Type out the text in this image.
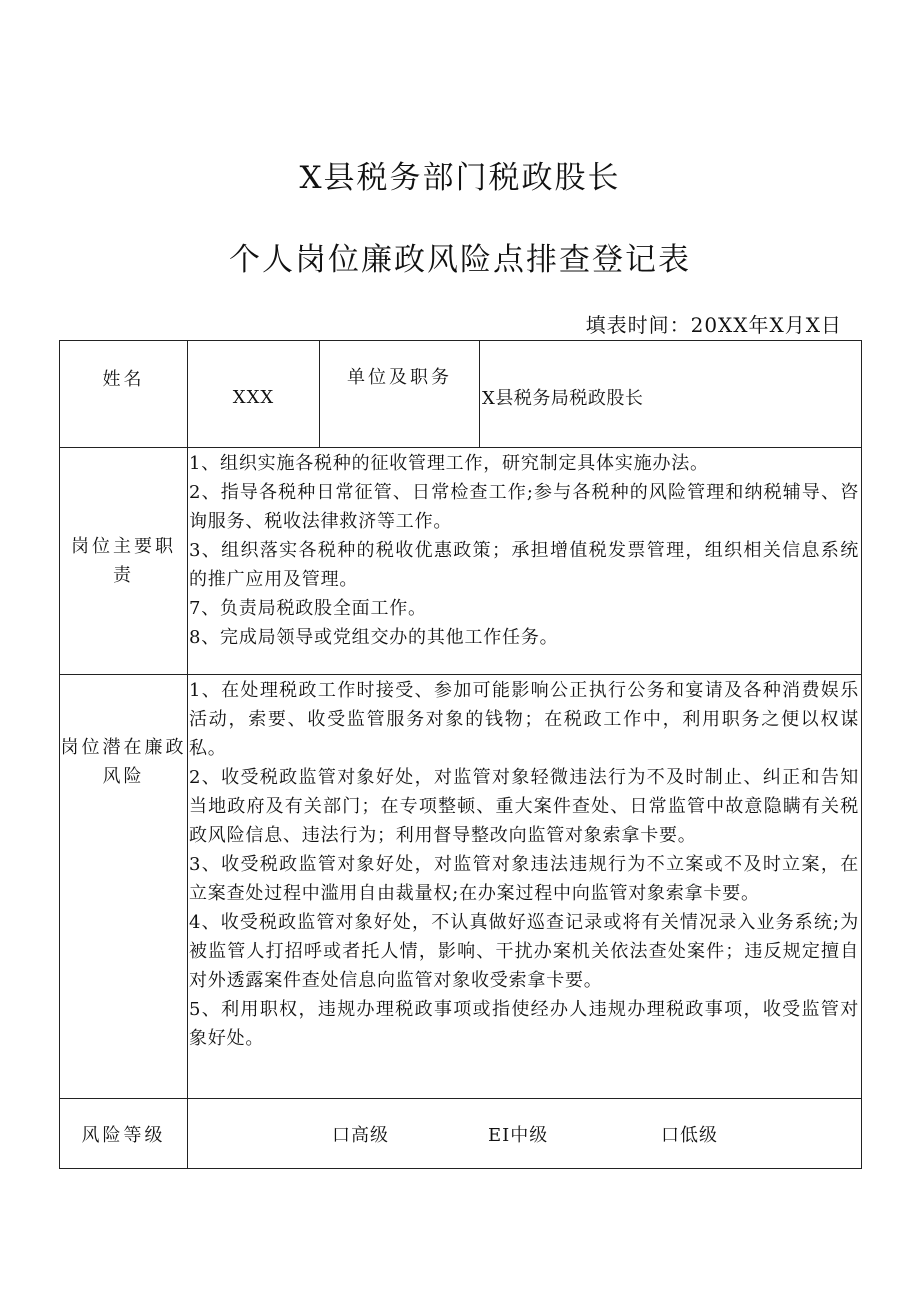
X县税务部门税政股长
个人岗位廉政风险点排查登记表
填表时间：20XX年X月X日
姓名	XXX	单位及职务	X县税务局税政股长
岗位主要职责	1、组织实施各税种的征收管理工作，研究制定具体实施办法。

2、指导各税种日常征管、日常检查工作;参与各税种的风险管理和纳税辅导、咨询服务、税收法律救济等工作。

3、组织落实各税种的税收优惠政策；承担增值税发票管理，组织相关信息系统的推广应用及管理。

7、负责局税政股全面工作。

8、完成局领导或党组交办的其他工作任务。		

岗位潜在廉政风险	1、在处理税政工作时接受、参加可能影响公正执行公务和宴请及各种消费娱乐活动，索要、收受监管服务对象的钱物；在税政工作中，利用职务之便以权谋私。

2、收受税政监管对象好处，对监管对象轻微违法行为不及时制止、纠正和告知当地政府及有关部门；在专项整顿、重大案件查处、日常监管中故意隐瞒有关税政风险信息、违法行为；利用督导整改向监管对象索拿卡要。

3、收受税政监管对象好处，对监管对象违法违规行为不立案或不及时立案，在立案查处过程中滥用自由裁量权;在办案过程中向监管对象索拿卡要。

4、收受税政监管对象好处，不认真做好巡查记录或将有关情况录入业务系统;为被监管人打招呼或者托人情，影响、干扰办案机关依法查处案件；违反规定擅自对外透露案件查处信息向监管对象收受索拿卡要。

5、利用职权，违规办理税政事项或指使经办人违规办理税政事项，收受监管对象好处。		

风险等级	口高级 EI中级 口低级		
